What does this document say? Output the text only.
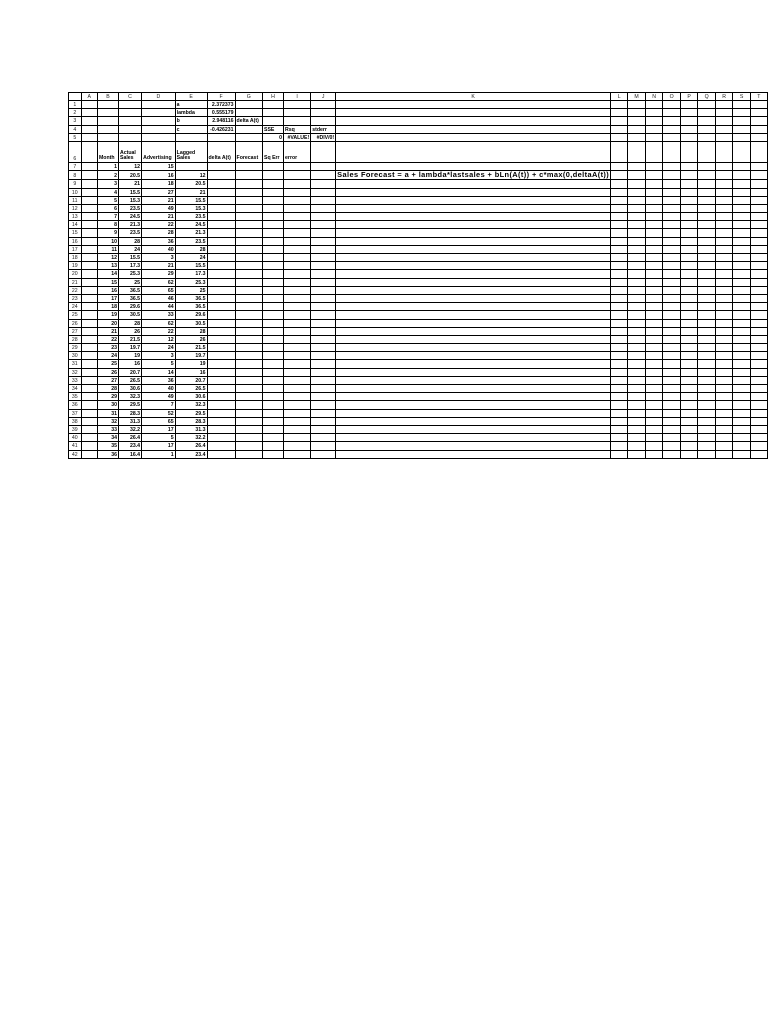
	A	B	C	D	E	F	G	H	I	J	K	L	M	N	O	P	Q	R	S	T
1					a	2.372373														
2					lambda	0.555179														
3					b	2.948116	delta A(t)													
4					c	-0.426231		SSE	Rsq	stderr										
5								0	#VALUE!	#DIV/0!										
6		Month	Actual Sales	Advertising	Lagged Sales	delta A(t)	Forecast	Sq Err	error											
7		1	12	15																
8		2	20.5	16	12						Sales Forecast = a + lambda*lastsales + bLn(A(t)) + c*max(0,deltaA(t))									
9		3	21	18	20.5															
10		4	15.5	27	21															
11		5	15.3	21	15.5															
12		6	23.5	49	15.3															
13		7	24.5	21	23.5															
14		8	21.3	22	24.5															
15		9	23.5	28	21.3															
16		10	28	36	23.5															
17		11	24	40	28															
18		12	15.5	3	24															
19		13	17.3	21	15.5															
20		14	25.3	29	17.3															
21		15	25	62	25.3															
22		16	36.5	65	25															
23		17	36.5	46	36.5															
24		18	29.6	44	36.5															
25		19	30.5	33	29.6															
26		20	28	62	30.5															
27		21	26	22	28															
28		22	21.5	12	26															
29		23	19.7	24	21.5															
30		24	19	3	19.7															
31		25	16	5	19															
32		26	20.7	14	16															
33		27	26.5	36	20.7															
34		28	30.6	40	26.5															
35		29	32.3	49	30.6															
36		30	29.5	7	32.3															
37		31	28.3	52	29.5															
38		32	31.3	65	28.3															
39		33	32.2	17	31.3															
40		34	26.4	5	32.2															
41		35	23.4	17	26.4															
42		36	16.4	1	23.4															
